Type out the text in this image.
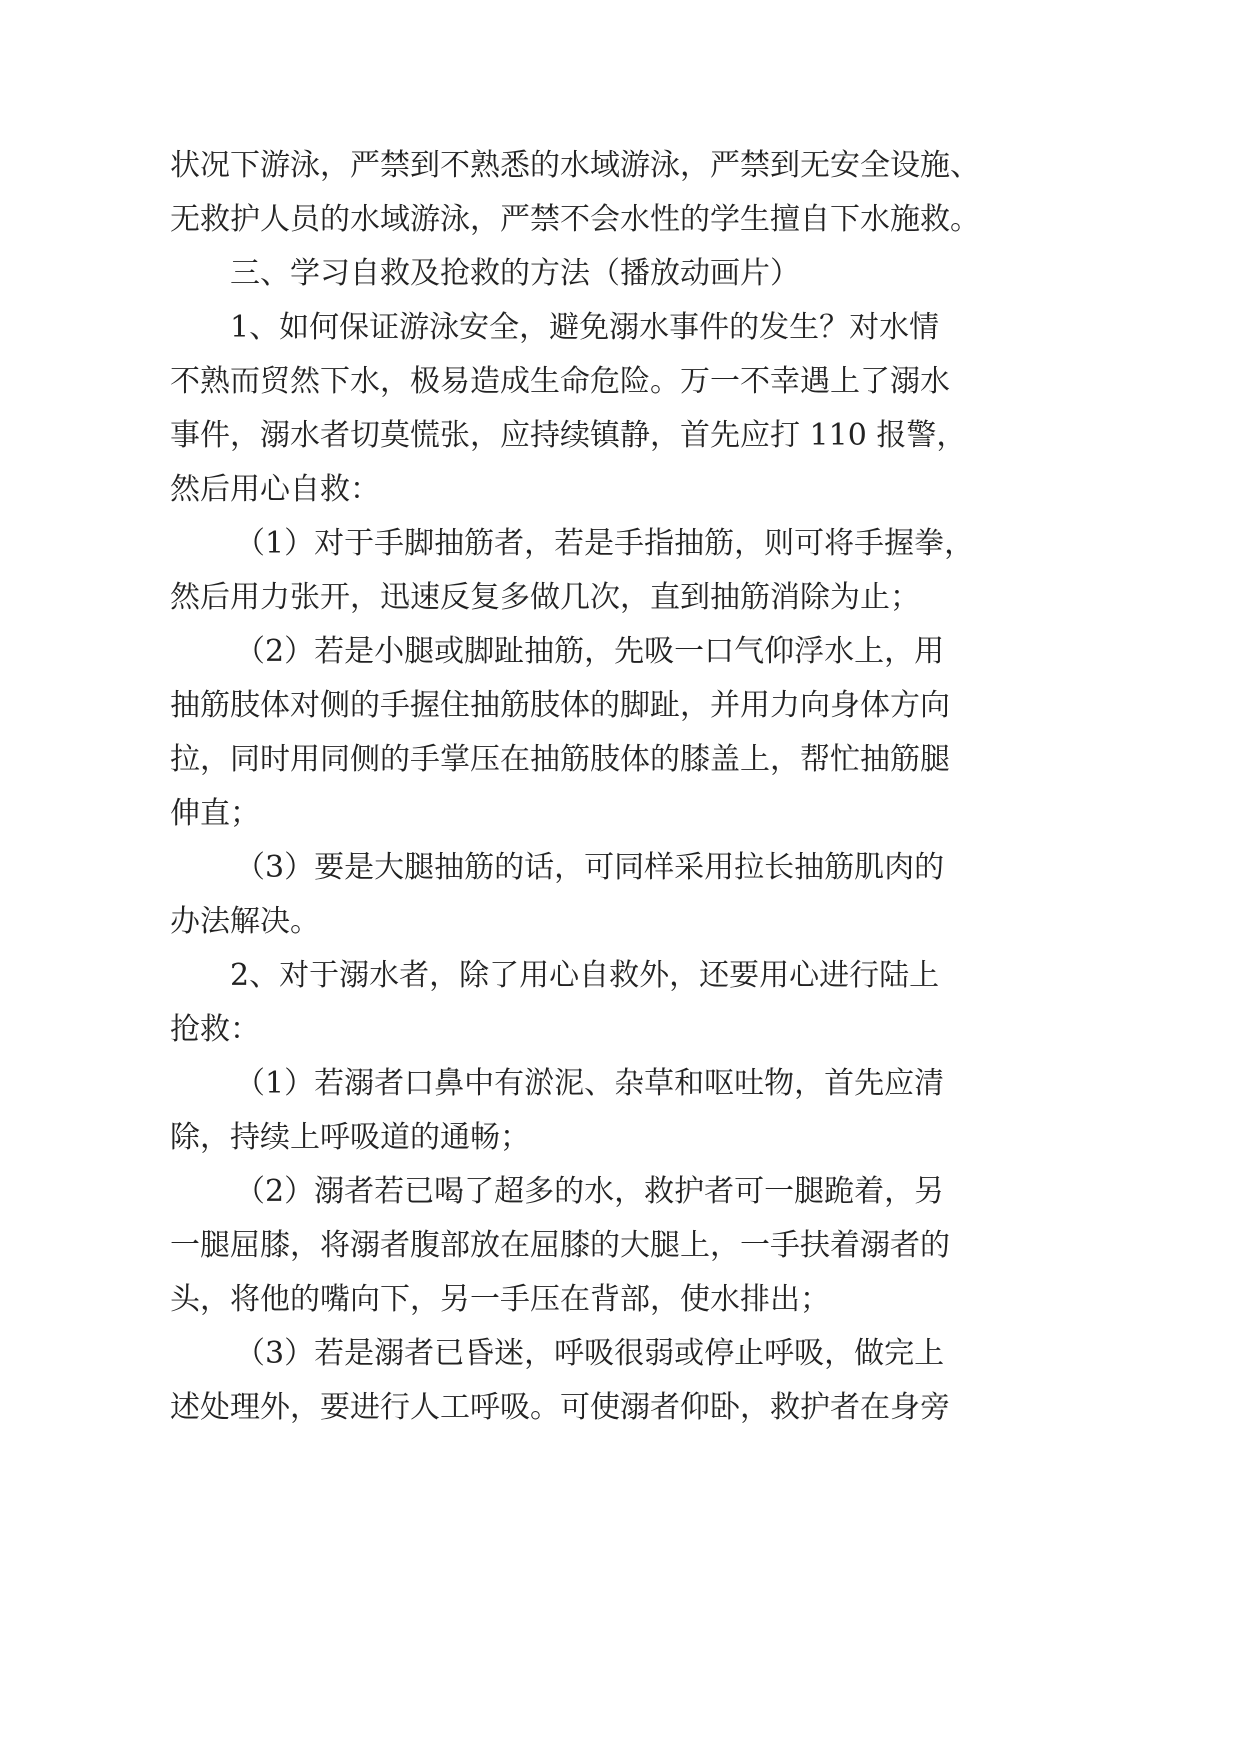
状况下游泳，严禁到不熟悉的水域游泳，严禁到无安全设施、
无救护人员的水域游泳，严禁不会水性的学生擅自下水施救。
三、学习自救及抢救的方法（播放动画片）
1、如何保证游泳安全，避免溺水事件的发生？对水情
不熟而贸然下水，极易造成生命危险。万一不幸遇上了溺水
事件，溺水者切莫慌张，应持续镇静，首先应打 110 报警，
然后用心自救：
（1）对于手脚抽筋者，若是手指抽筋，则可将手握拳，
然后用力张开，迅速反复多做几次，直到抽筋消除为止；
（2）若是小腿或脚趾抽筋，先吸一口气仰浮水上，用
抽筋肢体对侧的手握住抽筋肢体的脚趾，并用力向身体方向
拉，同时用同侧的手掌压在抽筋肢体的膝盖上，帮忙抽筋腿
伸直；
（3）要是大腿抽筋的话，可同样采用拉长抽筋肌肉的
办法解决。
2、对于溺水者，除了用心自救外，还要用心进行陆上
抢救：
（1）若溺者口鼻中有淤泥、杂草和呕吐物，首先应清
除，持续上呼吸道的通畅；
（2）溺者若已喝了超多的水，救护者可一腿跪着，另
一腿屈膝，将溺者腹部放在屈膝的大腿上，一手扶着溺者的
头，将他的嘴向下，另一手压在背部，使水排出；
（3）若是溺者已昏迷，呼吸很弱或停止呼吸，做完上
述处理外，要进行人工呼吸。可使溺者仰卧，救护者在身旁
